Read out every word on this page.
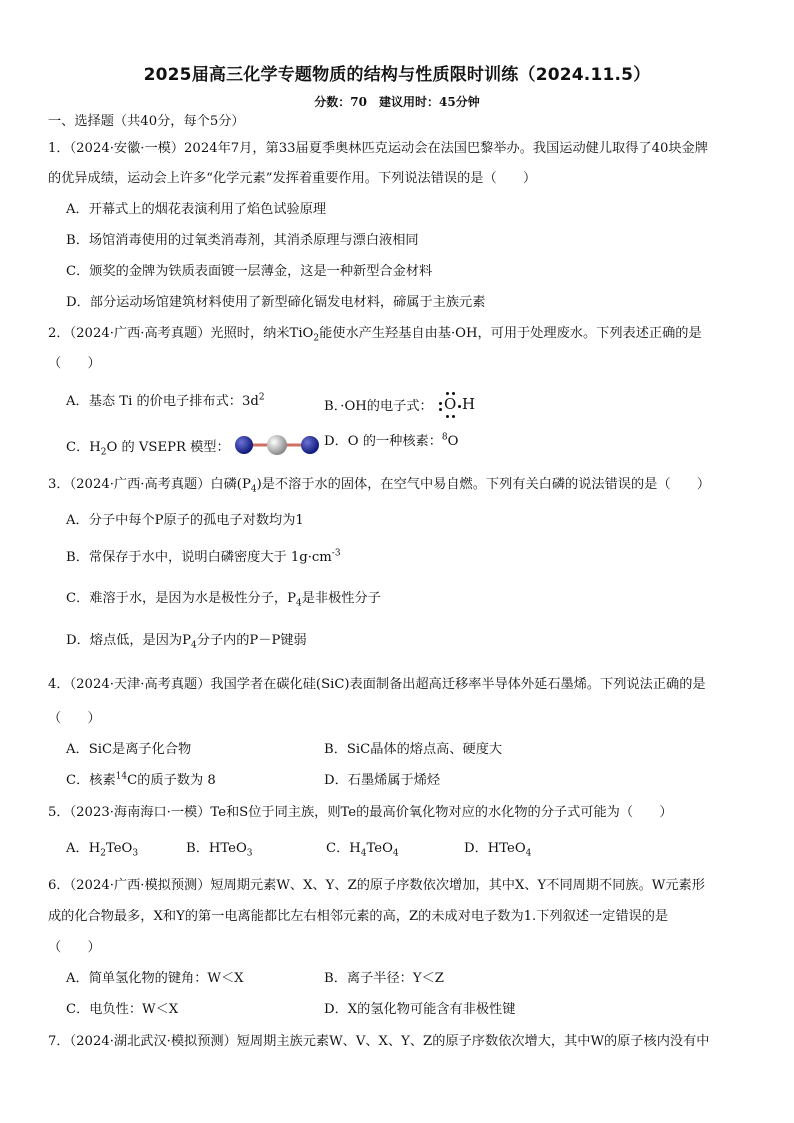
2025届高三化学专题物质的结构与性质限时训练（2024.11.5）
分数：70　建议用时：45分钟
一、选择题（共40分，每个5分）
1．（2024·安徽·一模）2024年7月，第33届夏季奥林匹克运动会在法国巴黎举办。我国运动健儿取得了40块金牌
的优异成绩，运动会上许多“化学元素”发挥着重要作用。下列说法错误的是（　　）
A．开幕式上的烟花表演利用了焰色试验原理
B．场馆消毒使用的过氧类消毒剂，其消杀原理与漂白液相同
C．颁奖的金牌为铁质表面镀一层薄金，这是一种新型合金材料
D．部分运动场馆建筑材料使用了新型碲化镉发电材料，碲属于主族元素
2．（2024·广西·高考真题）光照时，纳米TiO$_2$能使水产生羟基自由基·OH，可用于处理废水。下列表述正确的是
（　　）
A．基态 Ti 的价电子排布式：$3d^2$
B．·OH的电子式： O H
C．$H_2O$ 的 VSEPR 模型：	D．O 的一种核素：$^8$O
3．（2024·广西·高考真题）白磷$(P_4)$是不溶于水的固体，在空气中易自燃。下列有关白磷的说法错误的是（　　）
A．分子中每个P原子的孤电子对数均为1
B．常保存于水中，说明白磷密度大于 $1g\cdot cm^{-3}$
C．难溶于水，是因为水是极性分子，$P_4$是非极性分子
D．熔点低，是因为$P_4$分子内的P－P键弱
4．（2024·天津·高考真题）我国学者在碳化硅(SiC)表面制备出超高迁移率半导体外延石墨烯。下列说法正确的是
（　　）
A．SiC是离子化合物	B．SiC晶体的熔点高、硬度大
C．核素$^{14}$C的质子数为 8	D．石墨烯属于烯烃
5．（2023·海南海口·一模）Te和S位于同主族，则Te的最高价氧化物对应的水化物的分子式可能为（　　）
A．$H_2TeO_3$	B．HTeO$_3$	C．$H_4TeO_4$	D．HTeO$_4$
6．（2024·广西·模拟预测）短周期元素W、X、Y、Z的原子序数依次增加，其中X、Y不同周期不同族。W元素形
成的化合物最多，X和Y的第一电离能都比左右相邻元素的高，Z的未成对电子数为1.下列叙述一定错误的是
（　　）
A．简单氢化物的键角：W＜X	B．离子半径：Y＜Z
C．电负性：W＜X	D．X的氢化物可能含有非极性键
7．（2024·湖北武汉·模拟预测）短周期主族元素W、V、X、Y、Z的原子序数依次增大，其中W的原子核内没有中
